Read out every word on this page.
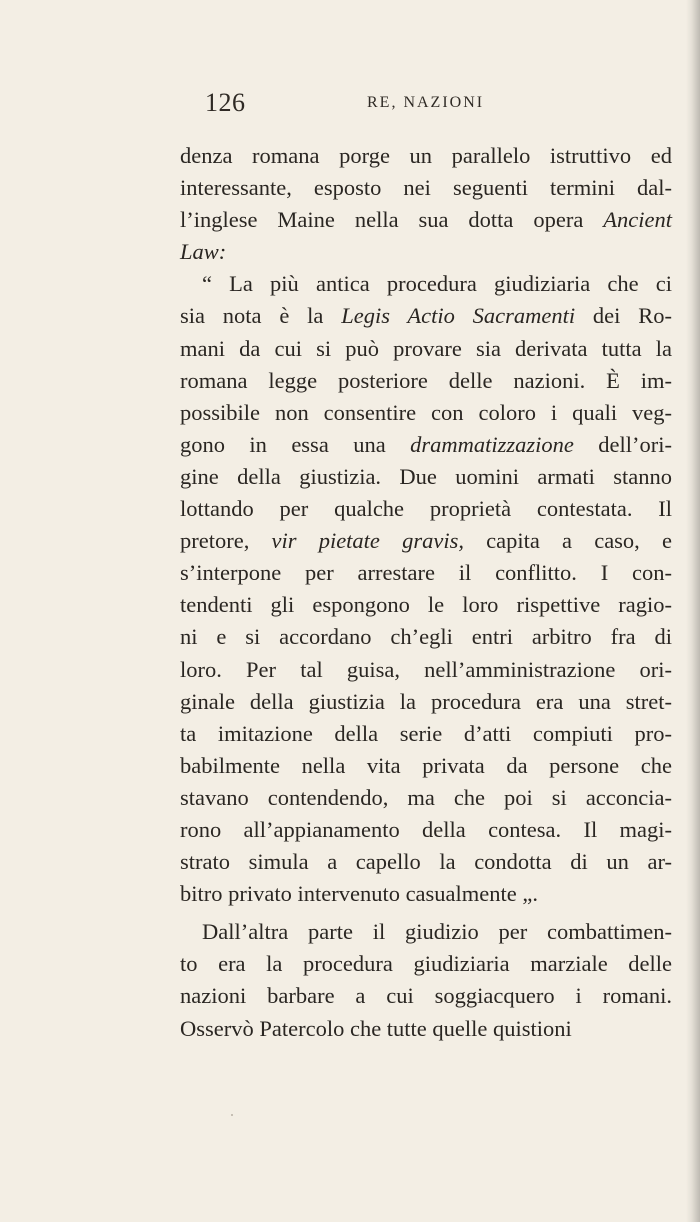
126	RE, NAZIONI
denza romana porge un parallelo istruttivo ed
interessante, esposto nei seguenti termini dal-
l’inglese Maine nella sua dotta opera Ancient
Law:
“ La più antica procedura giudiziaria che ci
sia nota è la Legis Actio Sacramenti dei Ro-
mani da cui si può provare sia derivata tutta la
romana legge posteriore delle nazioni. È im-
possibile non consentire con coloro i quali veg-
gono in essa una drammatizzazione dell’ori-
gine della giustizia. Due uomini armati stanno
lottando per qualche proprietà contestata. Il
pretore, vir pietate gravis, capita a caso, e
s’interpone per arrestare il conflitto. I con-
tendenti gli espongono le loro rispettive ragio-
ni e si accordano ch’egli entri arbitro fra di
loro. Per tal guisa, nell’amministrazione ori-
ginale della giustizia la procedura era una stret-
ta imitazione della serie d’atti compiuti pro-
babilmente nella vita privata da persone che
stavano contendendo, ma che poi si acconcia-
rono all’appianamento della contesa. Il magi-
strato simula a capello la condotta di un ar-
bitro privato intervenuto casualmente „.
Dall’altra parte il giudizio per combattimen-
to era la procedura giudiziaria marziale delle
nazioni barbare a cui soggiacquero i romani.
Osservò Patercolo che tutte quelle quistioni
